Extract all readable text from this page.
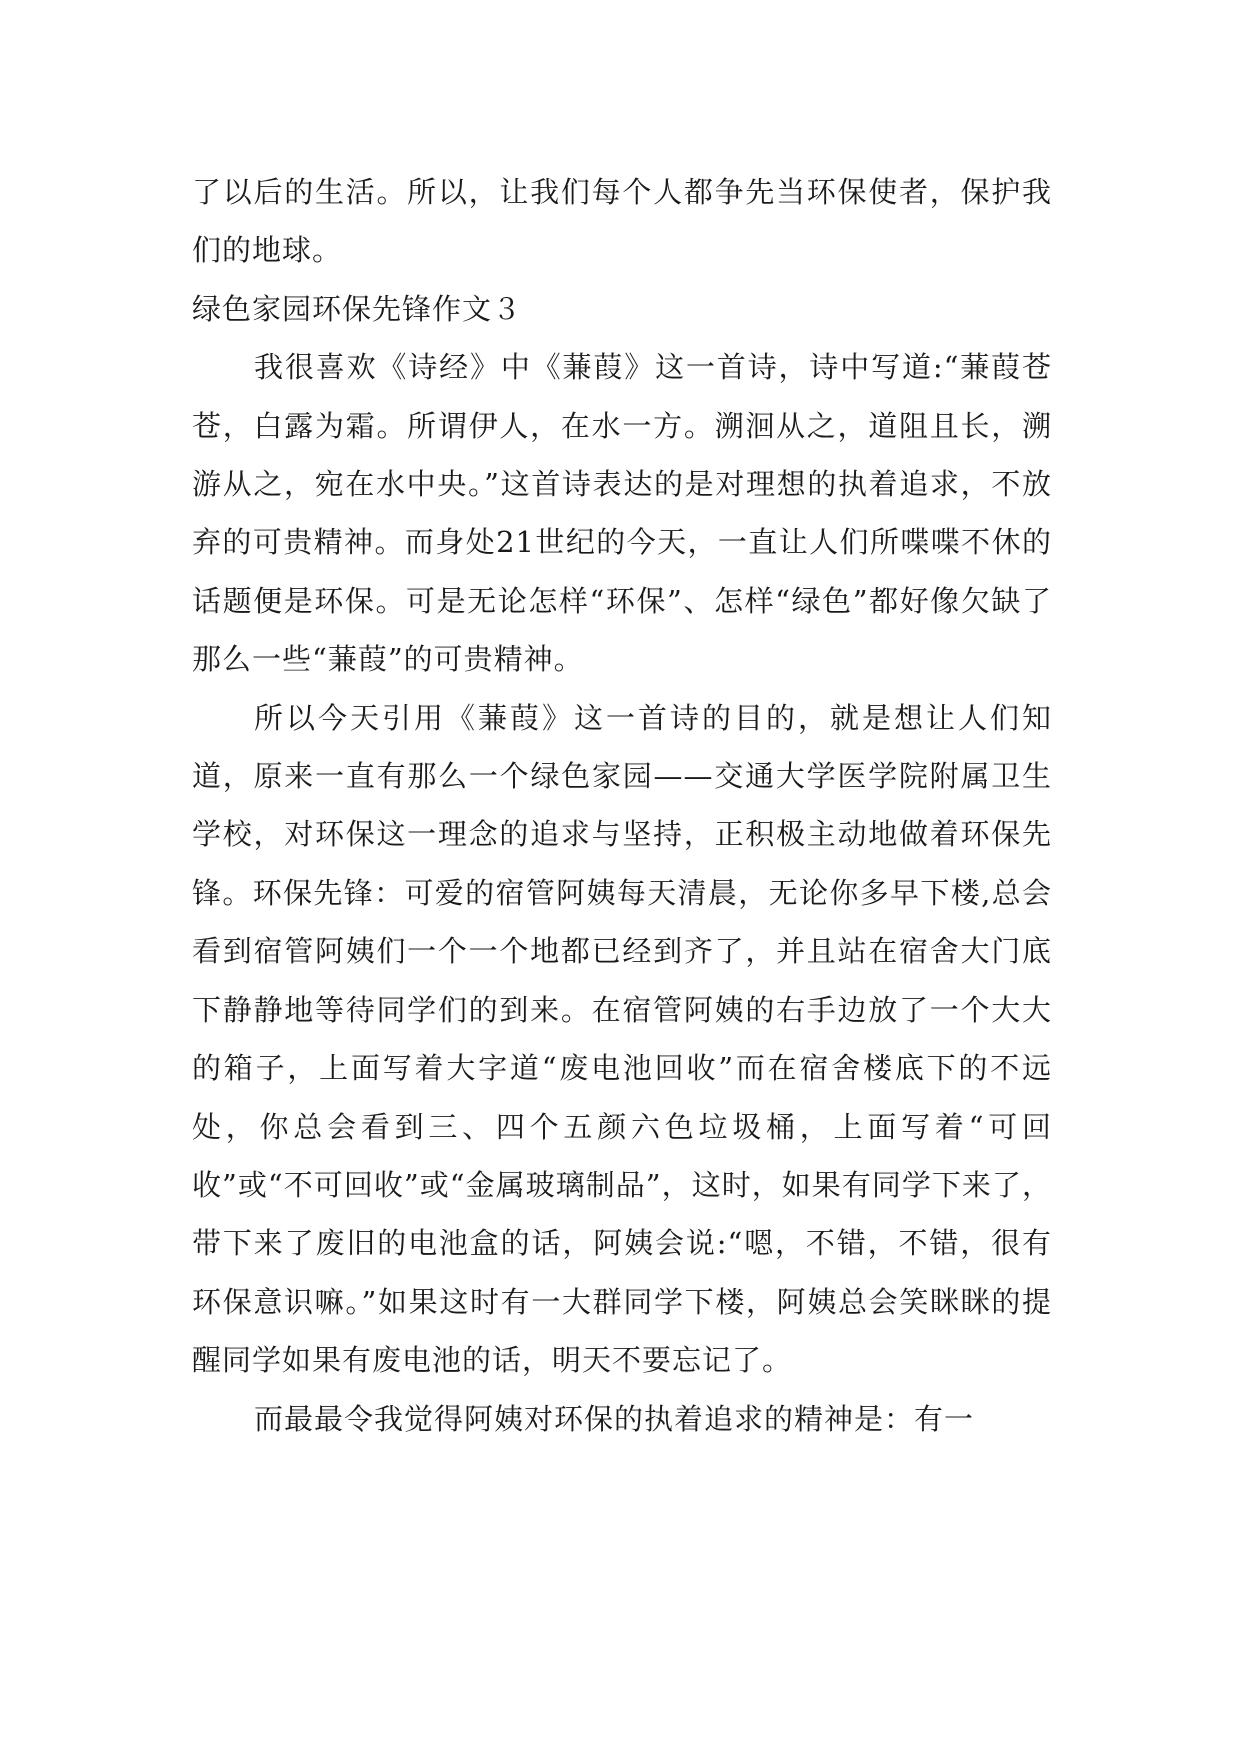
了以后的生活。所以，让我们每个人都争先当环保使者，保护我们的地球。

绿色家园环保先锋作文３

我很喜欢《诗经》中《蒹葭》这一首诗，诗中写道:“蒹葭苍苍，白露为霜。所谓伊人，在水一方。溯洄从之，道阻且长，溯游从之，宛在水中央。”这首诗表达的是对理想的执着追求，不放弃的可贵精神。而身处21世纪的今天，一直让人们所喋喋不休的话题便是环保。可是无论怎样“环保”、怎样“绿色”都好像欠缺了那么一些“蒹葭”的可贵精神。

所以今天引用《蒹葭》这一首诗的目的，就是想让人们知道，原来一直有那么一个绿色家园——交通大学医学院附属卫生学校，对环保这一理念的追求与坚持，正积极主动地做着环保先锋。环保先锋：可爱的宿管阿姨每天清晨，无论你多早下楼,总会看到宿管阿姨们一个一个地都已经到齐了，并且站在宿舍大门底下静静地等待同学们的到来。在宿管阿姨的右手边放了一个大大的箱子，上面写着大字道“废电池回收”而在宿舍楼底下的不远处，你总会看到三、四个五颜六色垃圾桶，上面写着“可回收”或“不可回收”或“金属玻璃制品”，这时，如果有同学下来了，带下来了废旧的电池盒的话，阿姨会说:“嗯，不错，不错，很有环保意识嘛。”如果这时有一大群同学下楼，阿姨总会笑眯眯的提醒同学如果有废电池的话，明天不要忘记了。

而最最令我觉得阿姨对环保的执着追求的精神是：有一
